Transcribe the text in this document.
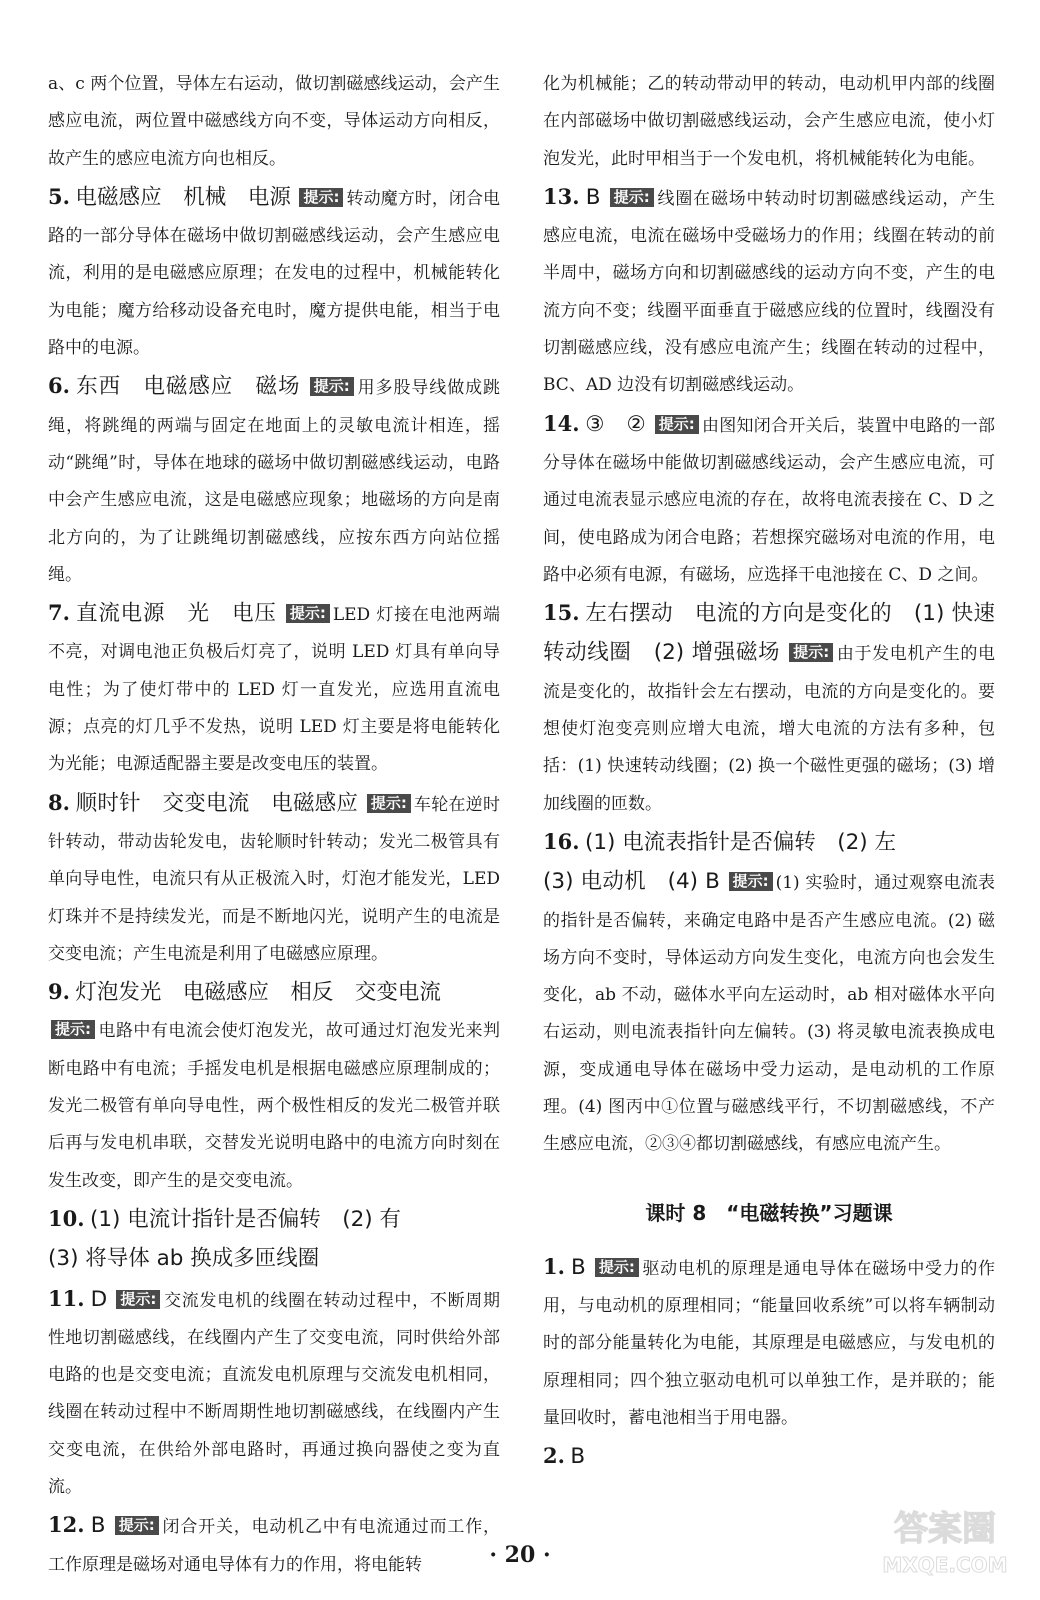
a、c 两个位置，导体左右运动，做切割磁感线运动，会产生感应电流，两位置中磁感线方向不变，导体运动方向相反，故产生的感应电流方向也相反。

5. 电磁感应　机械　电源 提示: 转动魔方时，闭合电路的一部分导体在磁场中做切割磁感线运动，会产生感应电流，利用的是电磁感应原理；在发电的过程中，机械能转化为电能；魔方给移动设备充电时，魔方提供电能，相当于电路中的电源。

6. 东西　电磁感应　磁场 提示: 用多股导线做成跳绳，将跳绳的两端与固定在地面上的灵敏电流计相连，摇动“跳绳”时，导体在地球的磁场中做切割磁感线运动，电路中会产生感应电流，这是电磁感应现象；地磁场的方向是南北方向的，为了让跳绳切割磁感线，应按东西方向站位摇绳。

7. 直流电源　光　电压 提示: LED 灯接在电池两端不亮，对调电池正负极后灯亮了，说明 LED 灯具有单向导电性；为了使灯带中的 LED 灯一直发光，应选用直流电源；点亮的灯几乎不发热，说明 LED 灯主要是将电能转化为光能；电源适配器主要是改变电压的装置。

8. 顺时针　交变电流　电磁感应 提示: 车轮在逆时针转动，带动齿轮发电，齿轮顺时针转动；发光二极管具有单向导电性，电流只有从正极流入时，灯泡才能发光，LED 灯珠并不是持续发光，而是不断地闪光，说明产生的电流是交变电流；产生电流是利用了电磁感应原理。

9. 灯泡发光　电磁感应　相反　交变电流
提示: 电路中有电流会使灯泡发光，故可通过灯泡发光来判断电路中有电流；手摇发电机是根据电磁感应原理制成的；发光二极管有单向导电性，两个极性相反的发光二极管并联后再与发电机串联，交替发光说明电路中的电流方向时刻在发生改变，即产生的是交变电流。

10. (1) 电流计指针是否偏转　(2) 有
(3) 将导体 ab 换成多匝线圈

11. D 提示: 交流发电机的线圈在转动过程中，不断周期性地切割磁感线，在线圈内产生了交变电流，同时供给外部电路的也是交变电流；直流发电机原理与交流发电机相同，线圈在转动过程中不断周期性地切割磁感线，在线圈内产生交变电流，在供给外部电路时，再通过换向器使之变为直流。

12. B 提示: 闭合开关，电动机乙中有电流通过而工作，工作原理是磁场对通电导体有力的作用，将电能转

化为机械能；乙的转动带动甲的转动，电动机甲内部的线圈在内部磁场中做切割磁感线运动，会产生感应电流，使小灯泡发光，此时甲相当于一个发电机，将机械能转化为电能。

13. B 提示: 线圈在磁场中转动时切割磁感线运动，产生感应电流，电流在磁场中受磁场力的作用；线圈在转动的前半周中，磁场方向和切割磁感线的运动方向不变，产生的电流方向不变；线圈平面垂直于磁感应线的位置时，线圈没有切割磁感应线，没有感应电流产生；线圈在转动的过程中，BC、AD 边没有切割磁感线运动。

14. ③　② 提示: 由图知闭合开关后，装置中电路的一部分导体在磁场中能做切割磁感线运动，会产生感应电流，可通过电流表显示感应电流的存在，故将电流表接在 C、D 之间，使电路成为闭合电路；若想探究磁场对电流的作用，电路中必须有电源，有磁场，应选择干电池接在 C、D 之间。

15. 左右摆动　电流的方向是变化的　(1) 快速转动线圈　(2) 增强磁场 提示: 由于发电机产生的电流是变化的，故指针会左右摆动，电流的方向是变化的。要想使灯泡变亮则应增大电流，增大电流的方法有多种，包括：(1) 快速转动线圈；(2) 换一个磁性更强的磁场；(3) 增加线圈的匝数。

16. (1) 电流表指针是否偏转　(2) 左
(3) 电动机　(4) B 提示: (1) 实验时，通过观察电流表的指针是否偏转，来确定电路中是否产生感应电流。(2) 磁场方向不变时，导体运动方向发生变化，电流方向也会发生变化，ab 不动，磁体水平向左运动时，ab 相对磁体水平向右运动，则电流表指针向左偏转。(3) 将灵敏电流表换成电源，变成通电导体在磁场中受力运动，是电动机的工作原理。(4) 图丙中①位置与磁感线平行，不切割磁感线，不产生感应电流，②③④都切割磁感线，有感应电流产生。

课时 8　“电磁转换”习题课

1. B 提示: 驱动电机的原理是通电导体在磁场中受力的作用，与电动机的原理相同；“能量回收系统”可以将车辆制动时的部分能量转化为电能，其原理是电磁感应，与发电机的原理相同；四个独立驱动电机可以单独工作，是并联的；能量回收时，蓄电池相当于用电器。

2. B

· 20 ·
答案圈
MXQE.COM
